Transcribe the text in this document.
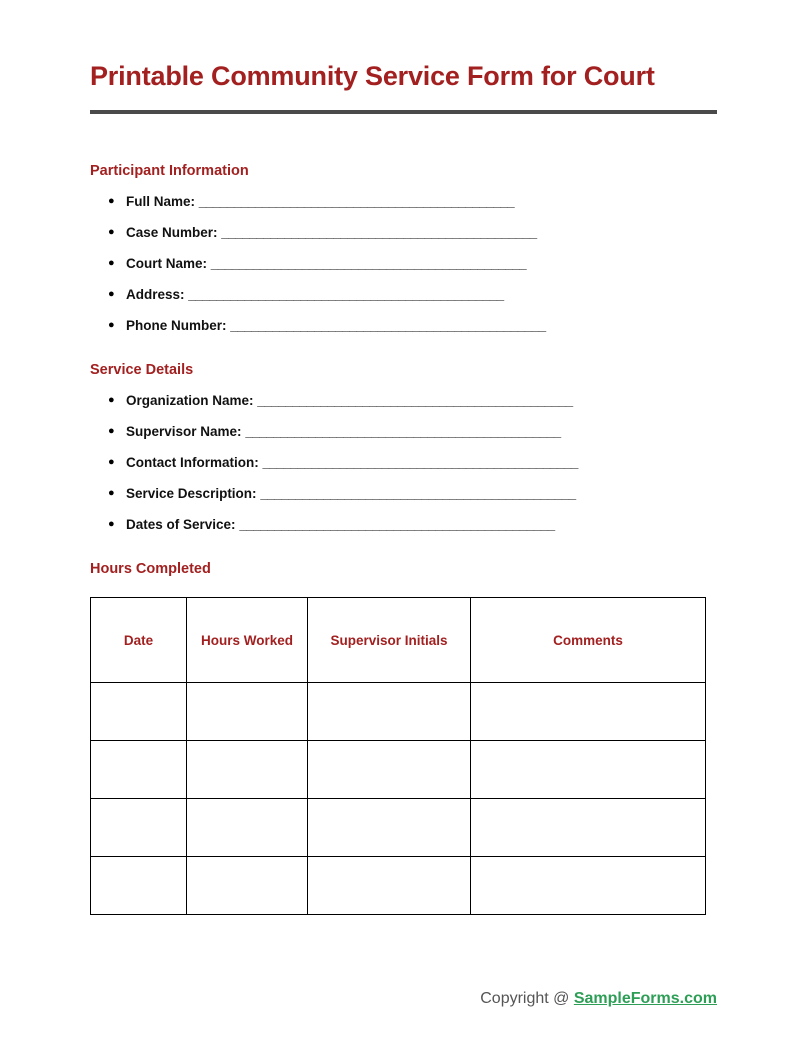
Printable Community Service Form for Court
Participant Information
● Full Name: _____________________________________________
● Case Number: _____________________________________________
● Court Name: _____________________________________________
● Address: _____________________________________________
● Phone Number: _____________________________________________
Service Details
● Organization Name: _____________________________________________
● Supervisor Name: _____________________________________________
● Contact Information: _____________________________________________
● Service Description: _____________________________________________
● Dates of Service: _____________________________________________
Hours Completed
Date	Hours Worked	Supervisor Initials	Comments

Copyright @ SampleForms.com
